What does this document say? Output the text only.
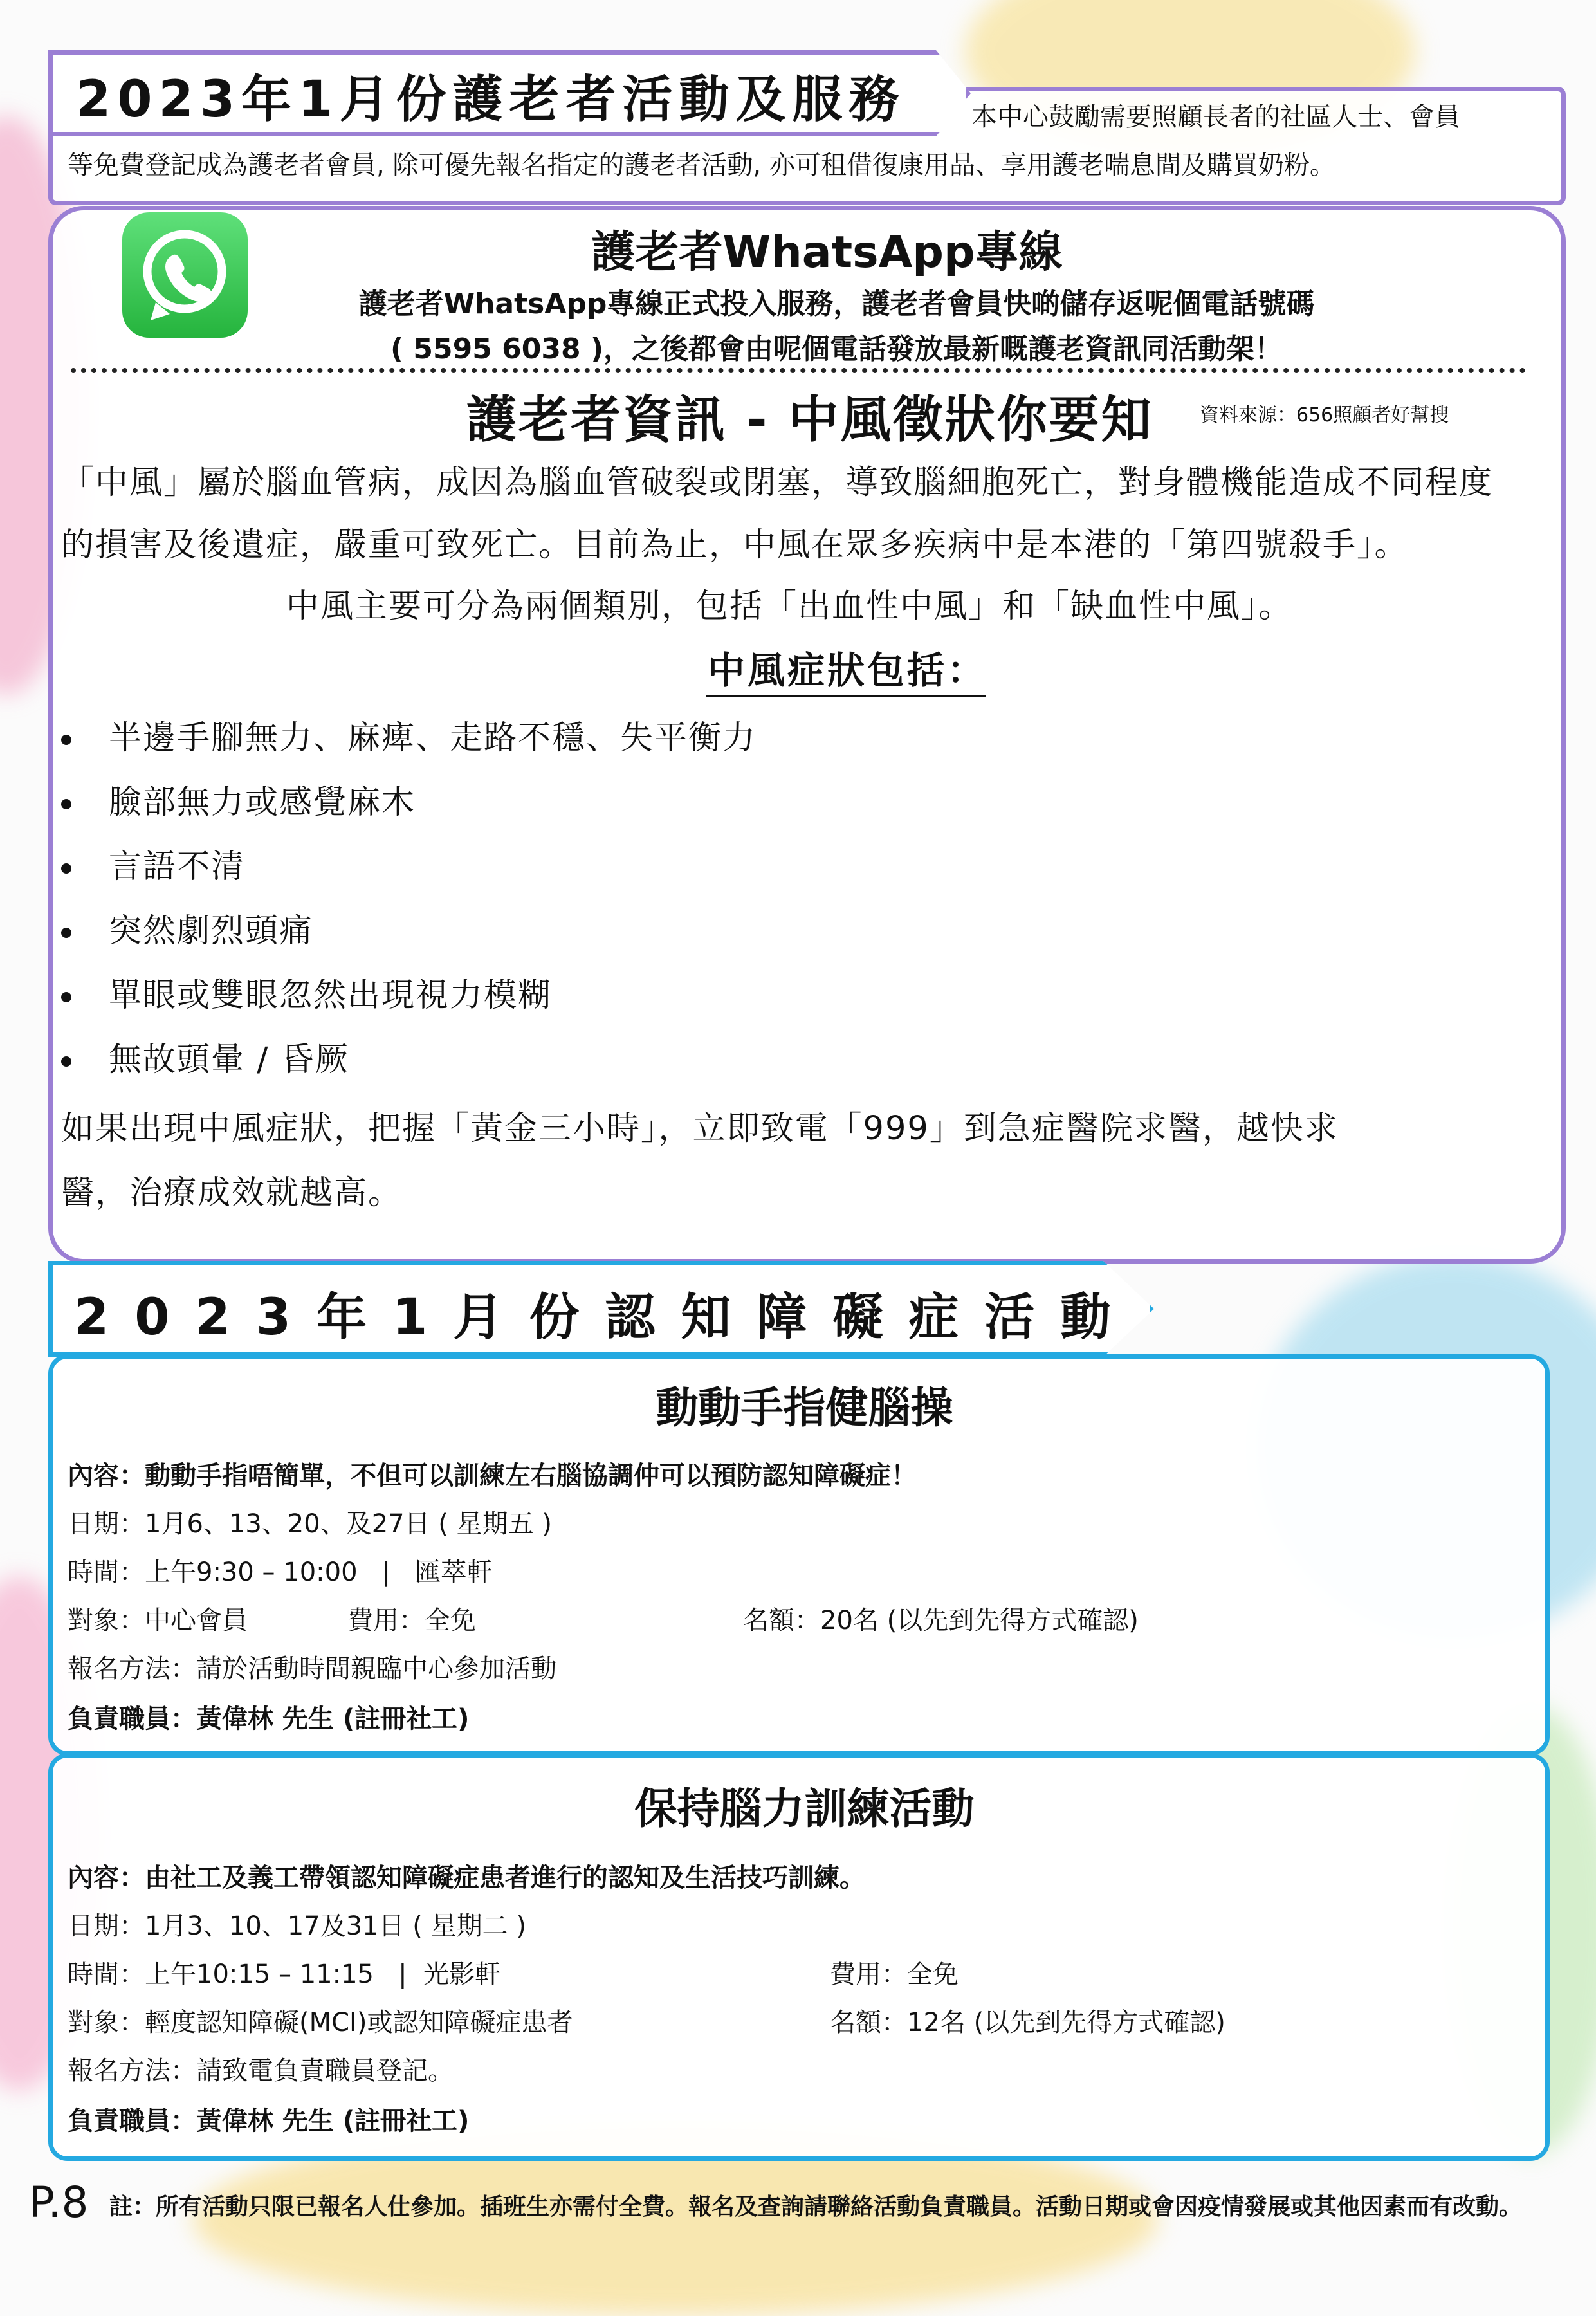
2023年1月份護老者活動及服務	本中心鼓勵需要照顧長者的社區人士、會員
等免費登記成為護老者會員, 除可優先報名指定的護老者活動, 亦可租借復康用品、享用護老喘息間及購買奶粉。
護老者WhatsApp專線
護老者WhatsApp專線正式投入服務，護老者會員快啲儲存返呢個電話號碼
( 5595 6038 )，之後都會由呢個電話發放最新嘅護老資訊同活動架！
護老者資訊 - 中風徵狀你要知 資料來源：656照顧者好幫搜
「中風」屬於腦血管病，成因為腦血管破裂或閉塞，導致腦細胞死亡，對身體機能造成不同程度
的損害及後遺症，嚴重可致死亡。目前為止，中風在眾多疾病中是本港的「第四號殺手」。
中風主要可分為兩個類別，包括「出血性中風」和「缺血性中風」。
中風症狀包括：
半邊手腳無力、麻痺、走路不穩、失平衡力
臉部無力或感覺麻木
言語不清
突然劇烈頭痛
單眼或雙眼忽然出現視力模糊
無故頭暈 / 昏厥
如果出現中風症狀，把握「黃金三小時」，立即致電「999」到急症醫院求醫，越快求
醫，治療成效就越高。
2023年1月份認知障礙症活動
動動手指健腦操
內容：動動手指唔簡單，不但可以訓練左右腦協調仲可以預防認知障礙症！
日期：1月6、13、20、及27日 ( 星期五 )
時間：上午9:30 – 10:00   |   匯萃軒
對象：中心會員	費用：全免	名額：20名 (以先到先得方式確認)
報名方法：請於活動時間親臨中心參加活動
負責職員：黃偉林 先生 (註冊社工)
保持腦力訓練活動
內容：由社工及義工帶領認知障礙症患者進行的認知及生活技巧訓練。
日期：1月3、10、17及31日 ( 星期二 )
時間：上午10:15 – 11:15   |  光影軒	費用：全免
對象：輕度認知障礙(MCI)或認知障礙症患者	名額：12名 (以先到先得方式確認)
報名方法：請致電負責職員登記。
負責職員：黃偉林 先生 (註冊社工)
P.8 註：所有活動只限已報名人仕參加。插班生亦需付全費。報名及查詢請聯絡活動負責職員。活動日期或會因疫情發展或其他因素而有改動。
